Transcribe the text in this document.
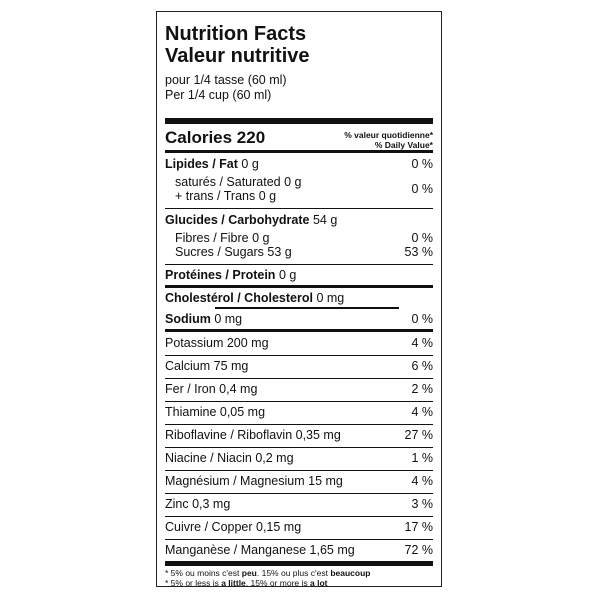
Nutrition Facts
Valeur nutritive
pour 1/4 tasse (60 ml)
Per 1/4 cup (60 ml)
Calories 220	% valeur quotidienne*
% Daily Value*
Lipides / Fat 0 g	0 %
saturés / Saturated 0 g
+ trans / Trans 0 g	0 %
Glucides / Carbohydrate 54 g
Fibres / Fibre 0 g	0 %
Sucres / Sugars 53 g	53 %
Protéines / Protein 0 g
Cholestérol / Cholesterol 0 mg
Sodium 0 mg	0 %
Potassium 200 mg	4 %
Calcium 75 mg	6 %
Fer / Iron 0,4 mg	2 %
Thiamine 0,05 mg	4 %
Riboflavine / Riboflavin 0,35 mg	27 %
Niacine / Niacin 0,2 mg	1 %
Magnésium / Magnesium 15 mg	4 %
Zinc 0,3 mg	3 %
Cuivre / Copper 0,15 mg	17 %
Manganèse / Manganese 1,65 mg	72 %
* 5% ou moins c'est peu. 15% ou plus c'est beaucoup
* 5% or less is a little. 15% or more is a lot
